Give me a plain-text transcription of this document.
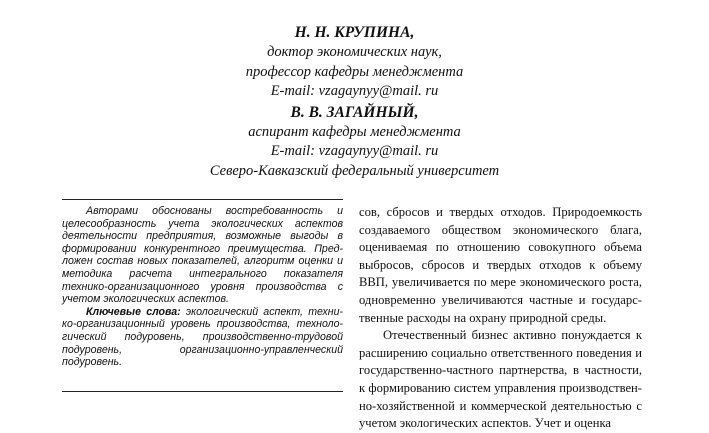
Н. Н. КРУПИНА,
доктор экономических наук,
профессор кафедры менеджмента
E-mail: vzagaynyy@mail. ru
В. В. ЗАГАЙНЫЙ,
аспирант кафедры менеджмента
E-mail: vzagaynyy@mail. ru
Северо-Кавказский федеральный университет

Авторами обоснованы востребованность и целесообразность учета экологических аспектов деятельности предприятия, возможные выгоды в формировании конкурентного преимущества. Предложен состав новых показателей, алгоритм оценки и методика расчета интегрального показателя технико-организационного уровня производства с учетом экологических аспектов.

Ключевые слова: экологический аспект, технико-организационный уровень производства, технологический подуровень, производственно-трудовой подуровень, организационно-управленческий подуровень.

сов, сбросов и твердых отходов. Природоемкость создаваемого обществом экономического блага, оцениваемая по отношению совокупного объема выбросов, сбросов и твердых отходов к объему ВВП, увеличивается по мере экономического роста, одновременно увеличиваются частные и государственные расходы на охрану природной среды.

Отечественный бизнес активно понуждается к расширению социально ответственного поведения и государственно-частного партнерства, в частности, к формированию систем управления производственно-хозяйственной и коммерческой деятельностью с учетом экологических аспектов. Учет и оценка
